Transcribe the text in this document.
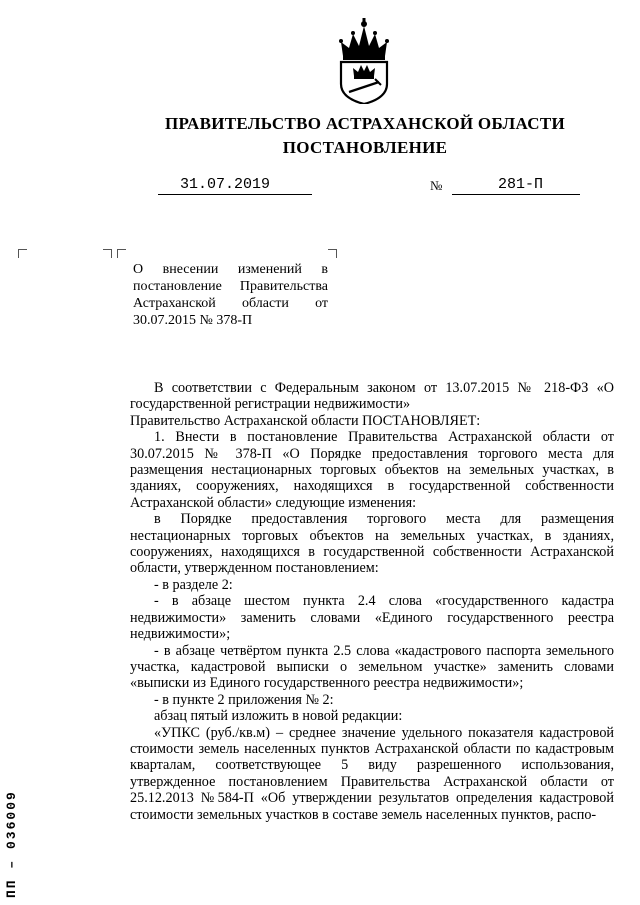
ПРАВИТЕЛЬСТВО АСТРАХАНСКОЙ ОБЛАСТИ
ПОСТАНОВЛЕНИЕ
31.07.2019	№	281-П
О внесении изменений в постановление Правительства Астраханской области от 30.07.2015 № 378-П

В соответствии с Федеральным законом от 13.07.2015 № 218-ФЗ «О государственной регистрации недвижимости»

Правительство Астраханской области ПОСТАНОВЛЯЕТ:

1. Внести в постановление Правительства Астраханской области от 30.07.2015 № 378-П «О Порядке предоставления торгового места для размещения нестационарных торговых объектов на земельных участках, в зданиях, сооружениях, находящихся в государственной собственности Астраханской области» следующие изменения:

в Порядке предоставления торгового места для размещения нестационарных торговых объектов на земельных участках, в зданиях, сооружениях, находящихся в государственной собственности Астраханской области, утвержденном постановлением:

- в разделе 2:

- в абзаце шестом пункта 2.4 слова «государственного кадастра недвижимости» заменить словами «Единого государственного реестра недвижимости»;

- в абзаце четвёртом пункта 2.5 слова «кадастрового паспорта земельного участка, кадастровой выписки о земельном участке» заменить словами «выписки из Единого государственного реестра недвижимости»;

- в пункте 2 приложения № 2:

абзац пятый изложить в новой редакции:

«УПКС (руб./кв.м) – среднее значение удельного показателя кадастровой стоимости земель населенных пунктов Астраханской области по кадастровым кварталам, соответствующее 5 виду разрешенного использования, утвержденное постановлением Правительства Астраханской области от 25.12.2013 №584-П «Об утверждении результатов определения кадастровой стоимости земельных участков в составе земель населенных пунктов, распо-

ПП – 036009
